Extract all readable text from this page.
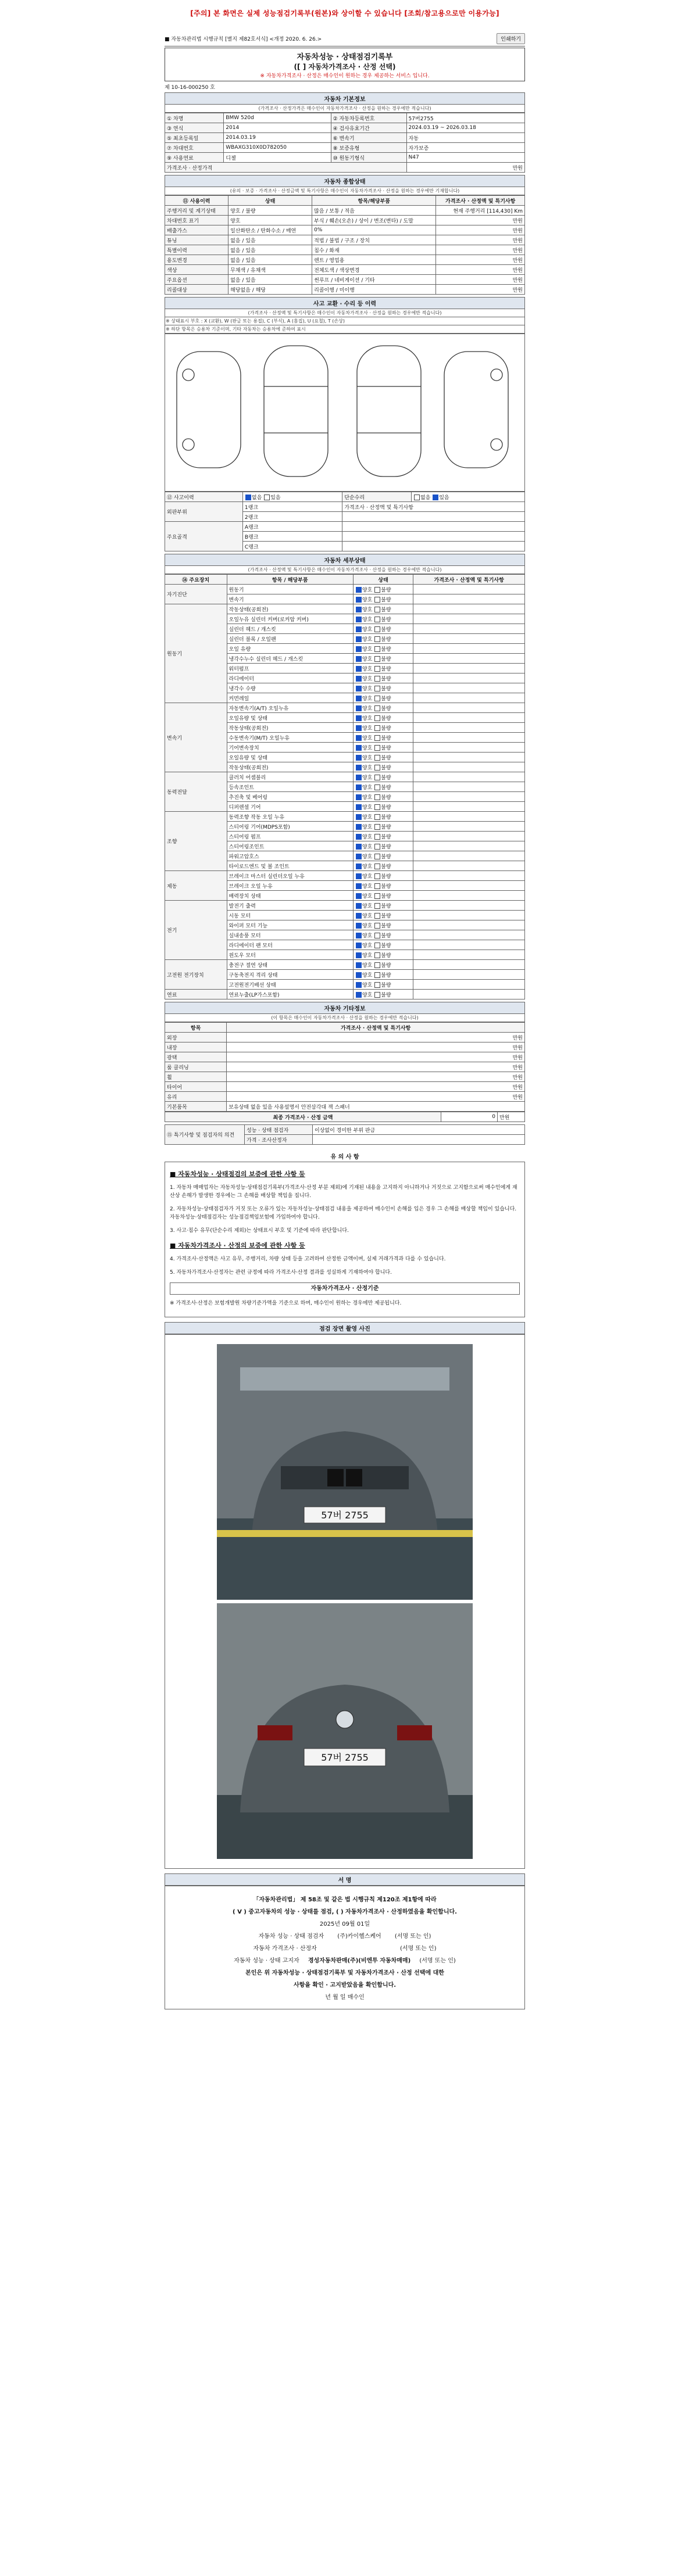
[주의] 본 화면은 실제 성능점검기록부(원본)와 상이할 수 있습니다 [조회/참고용으로만 이용가능]
■ 자동차관리법 시행규칙 [별지 제82호서식] <개정 2020. 6. 26.>	인쇄하기
자동차성능 · 상태점검기록부
([ ] 자동차가격조사 · 산정 선택)
※ 자동차가격조사 · 산정은 매수인이 원하는 경우 제공하는 서비스 입니다.
제 10-16-000250 호
자동차 기본정보
(가격조사 · 산정가격은 매수인이 자동차가격조사 · 산정을 원하는 경우에만 적습니다)
① 차명	BMW 520d	② 자동차등록번호	57버2755
③ 연식	2014	④ 검사유효기간	2024.03.19 ~ 2026.03.18
⑤ 최초등록일	2014.03.19	⑥ 변속기	자동
⑦ 차대번호	WBAXG310X0D782050	⑧ 보증유형	자가보증
⑨ 사용연료	디젤	⑩ 원동기형식	N47
가격조사 · 산정가격			만원
자동차 종합상태
(유의 · 보증 · 가격조사 · 산정금액 및 특기사항은 매수인이 자동차가격조사 · 산정을 원하는 경우에만 기재합니다)
⑪ 사용이력	상태	항목/해당부품	가격조사 · 산정액 및 특기사항
주행거리 및 계기상태	양호 / 불량	많음 / 보통 / 적음	현재 주행거리 [114,430] Km
차대번호 표기	양호	부식 / 훼손(오손) / 상이 / 변조(변타) / 도말	만원
배출가스	일산화탄소 / 탄화수소 / 매연	0%	만원
튜닝	없음 / 있음	적법 / 불법 / 구조 / 장치	만원
특별이력	없음 / 있음	침수 / 화재	만원
용도변경	없음 / 있음	렌트 / 영업용	만원
색상	무채색 / 유채색	전체도색 / 색상변경	만원
주요옵션	없음 / 있음	썬루프 / 네비게이션 / 기타	만원
리콜대상	해당없음 / 해당	리콜이행 / 미이행	만원
사고 교환 · 수리 등 이력
(가격조사 · 산정액 및 특기사항은 매수인이 자동차가격조사 · 산정을 원하는 경우에만 적습니다)
※ 상태표시 부호 : X (교환), W (판금 또는 용접), C (부식), A (흠집), U (요철), T (손상)
※ 하단 항목은 승용차 기준이며, 기타 자동차는 승용차에 준하여 표시
⑫ 사고이력	없음 있음	단순수리	없음 있음
외판부위	1랭크	가격조사 · 산정액 및 특기사항	
	2랭크		
주요골격	A랭크		
	B랭크		
	C랭크		
자동차 세부상태
(가격조사 · 산정액 및 특기사항은 매수인이 자동차가격조사 · 산정을 원하는 경우에만 적습니다)
⑭ 주요장치	항목 / 해당부품	상태	가격조사 · 산정액 및 특기사항
자기진단	원동기	양호 불량	
	변속기	양호 불량	
원동기	작동상태(공회전)	양호 불량	
	오일누유 실린더 커버(로커암 커버)	양호 불량	
	실린더 헤드 / 개스킷	양호 불량	
	실린더 블록 / 오일팬	양호 불량	
	오일 유량	양호 불량	
	냉각수누수 실린더 헤드 / 개스킷	양호 불량	
	워터펌프	양호 불량	
	라디에이터	양호 불량	
	냉각수 수량	양호 불량	
	커먼레일	양호 불량	
변속기	자동변속기(A/T) 오일누유	양호 불량	
	오일유량 및 상태	양호 불량	
	작동상태(공회전)	양호 불량	
	수동변속기(M/T) 오일누유	양호 불량	
	기어변속장치	양호 불량	
	오일유량 및 상태	양호 불량	
	작동상태(공회전)	양호 불량	
동력전달	클러치 어셈블리	양호 불량	
	등속조인트	양호 불량	
	추진축 및 베어링	양호 불량	
	디퍼렌셜 기어	양호 불량	
조향	동력조향 작동 오일 누유	양호 불량	
	스티어링 기어(MDPS포함)	양호 불량	
	스티어링 펌프	양호 불량	
	스티어링조인트	양호 불량	
	파워고압호스	양호 불량	
	타이로드엔드 및 볼 조인트	양호 불량	
제동	브레이크 마스터 실린더오일 누유	양호 불량	
	브레이크 오일 누유	양호 불량	
	배력장치 상태	양호 불량	
전기	발전기 출력	양호 불량	
	시동 모터	양호 불량	
	와이퍼 모터 기능	양호 불량	
	실내송풍 모터	양호 불량	
	라디에이터 팬 모터	양호 불량	
	윈도우 모터	양호 불량	
고전원 전기장치	충전구 절연 상태	양호 불량	
	구동축전지 격리 상태	양호 불량	
	고전원전기배선 상태	양호 불량	
연료	연료누출(LP가스포함)	양호 불량	
자동차 기타정보
(이 항목은 매수인이 자동차가격조사 · 산정을 원하는 경우에만 적습니다)
항목	가격조사 · 산정액 및 특기사항
외장	만원
내장	만원
광택	만원
룸 클리닝	만원
휠	만원
타이어	만원
유리	만원
기본품목	보유상태 없음 있음 사용설명서 안전삼각대 잭 스패너
최종 가격조사 · 산정 금액	0	만원
⑮ 특기사항 및 점검자의 의견	성능 · 상태 점검자	이상없이 경미한 부위 판금
	가격 · 조사산정자	
유 의 사 항
■ 자동차성능 · 상태점검의 보증에 관한 사항 등

1. 자동차 매매업자는 자동차성능·상태점검기록부(가격조사·산정 부분 제외)에 기재된 내용을 고지하지 아니하거나 거짓으로 고지함으로써 매수인에게 재산상 손해가 발생한 경우에는 그 손해를 배상할 책임을 집니다.

2. 자동차성능·상태점검자가 거짓 또는 오류가 있는 자동차성능·상태점검 내용을 제공하여 매수인이 손해를 입은 경우 그 손해를 배상할 책임이 있습니다. 자동차성능·상태점검자는 성능점검책임보험에 가입하여야 합니다.

3. 사고·침수 유무(단순수리 제외)는 상태표시 부호 및 기준에 따라 판단합니다.

■ 자동차가격조사 · 산정의 보증에 관한 사항 등

4. 가격조사·산정액은 사고 유무, 주행거리, 차량 상태 등을 고려하여 산정한 금액이며, 실제 거래가격과 다를 수 있습니다.

5. 자동차가격조사·산정자는 관련 규정에 따라 가격조사·산정 결과를 성실하게 기재하여야 합니다.

자동차가격조사 · 산정기준

※ 가격조사·산정은 보험개발원 차량기준가액을 기준으로 하며, 매수인이 원하는 경우에만 제공됩니다.

점검 장면 촬영 사진
57버 2755
57버 2755
서 명
「자동차관리법」 제 58조 및 같은 법 시행규칙 제120조 제1항에 따라
( V ) 중고자동차의 성능 · 상태를 점검, ( ) 자동차가격조사 · 산정하였음을 확인합니다.
2025년 09월 01일
자동차 성능 · 상태 점검자 (주)카이헬스케어 (서명 또는 인)
자동차 가격조사 · 산정자	(서명 또는 인)
자동차 성능 · 상태 고지자 경성자동차판매(주)(비엔투 자동차매매) (서명 또는 인)
본인은 위 자동차성능 · 상태점검기록부 및 자동차가격조사 · 산정 선택에 대한
사항을 확인 · 고지받았음을 확인합니다.
년 월 일 매수인
